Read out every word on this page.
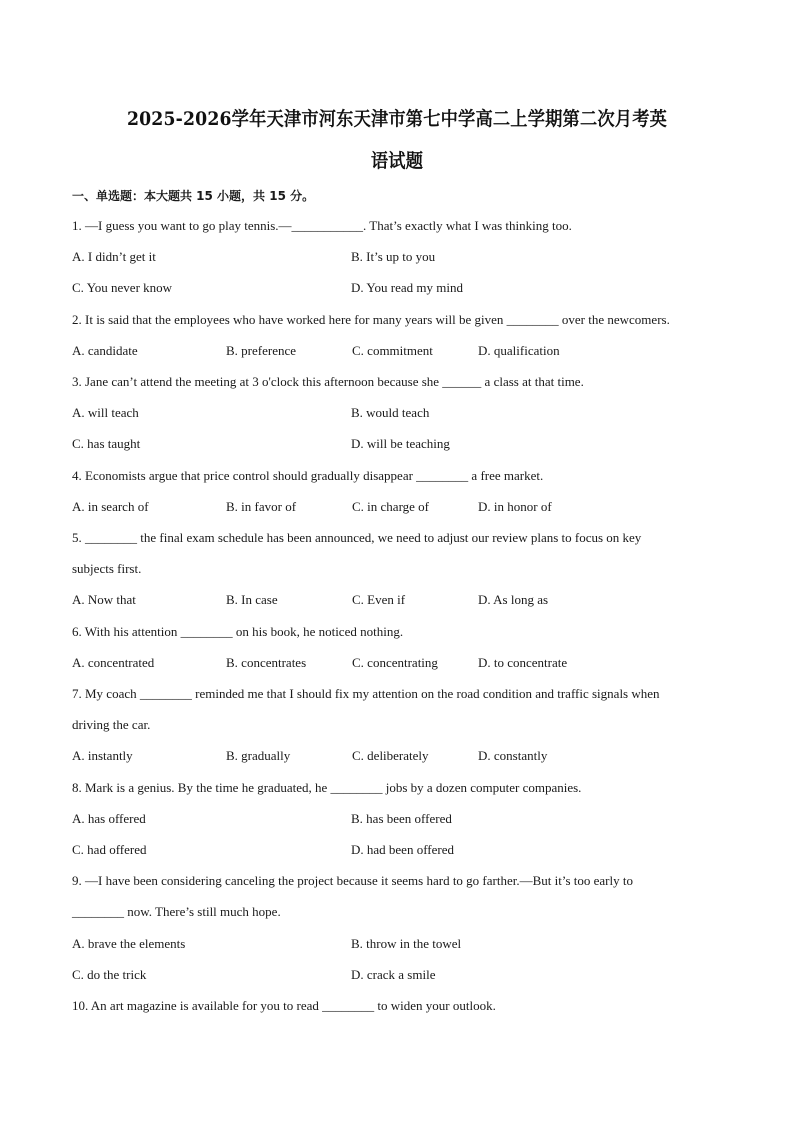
2025-2026学年天津市河东天津市第七中学高二上学期第二次月考英
语试题
一、单选题：本大题共 15 小题，共 15 分。
1. —I guess you want to go play tennis.—___________. That’s exactly what I was thinking too.
A. I didn’t get it	B. It’s up to you
C. You never know	D. You read my mind
2. It is said that the employees who have worked here for many years will be given ________ over the newcomers.
A. candidate	B. preference	C. commitment	D. qualification
3. Jane can’t attend the meeting at 3 o'clock this afternoon because she ______ a class at that time.
A. will teach	B. would teach
C. has taught	D. will be teaching
4. Economists argue that price control should gradually disappear ________ a free market.
A. in search of	B. in favor of	C. in charge of	D. in honor of
5. ________ the final exam schedule has been announced, we need to adjust our review plans to focus on key
subjects first.
A. Now that	B. In case	C. Even if	D. As long as
6. With his attention ________ on his book, he noticed nothing.
A. concentrated	B. concentrates	C. concentrating	D. to concentrate
7. My coach ________ reminded me that I should fix my attention on the road condition and traffic signals when
driving the car.
A. instantly	B. gradually	C. deliberately	D. constantly
8. Mark is a genius. By the time he graduated, he ________ jobs by a dozen computer companies.
A. has offered	B. has been offered
C. had offered	D. had been offered
9. —I have been considering canceling the project because it seems hard to go farther.—But it’s too early to
________ now. There’s still much hope.
A. brave the elements	B. throw in the towel
C. do the trick	D. crack a smile
10. An art magazine is available for you to read ________ to widen your outlook.
